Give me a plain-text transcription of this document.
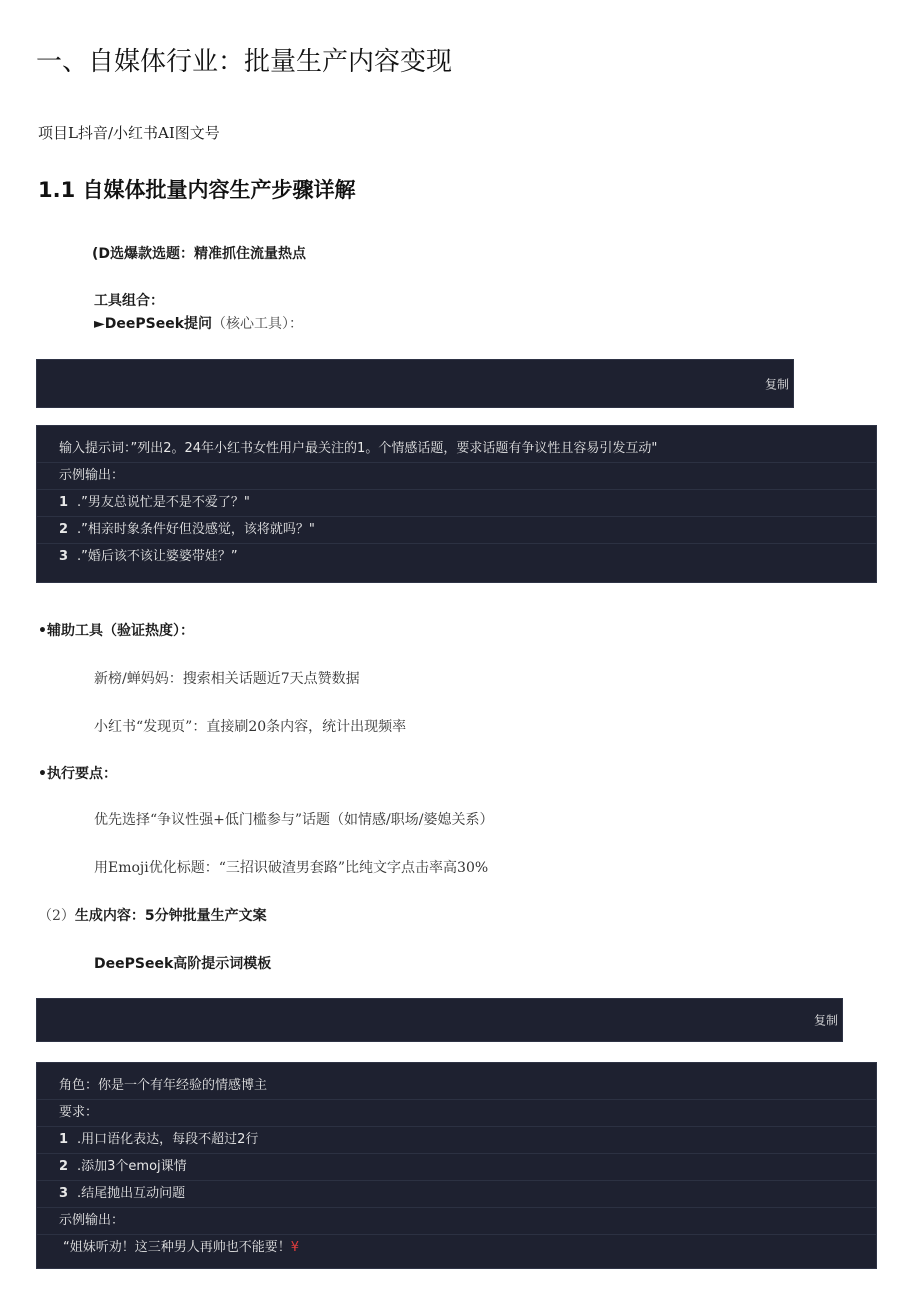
一、自媒体行业：批量生产内容变现
项目L抖音/小红书AI图文号
1.1 自媒体批量内容生产步骤详解
(D选爆款选题：精准抓住流量热点
工具组合：
►DeePSeek提问（核心工具）：
复制
输入提示词：”列出2。24年小红书女性用户最关注的1。个情感话题，要求话题有争议性且容易引发互动"
示例输出：
1 .”男友总说忙是不是不爱了？"
2 .”相亲时象条件好但没感觉，该将就吗？"
3 .”婚后该不该让婆婆带娃？”
•辅助工具（验证热度）：
新榜/蝉妈妈：搜索相关话题近7天点赞数据
小红书“发现页”：直接刷20条内容，统计出现频率
•执行要点：
优先选择“争议性强+低门槛参与”话题（如情感/职场/婆媳关系）
用Emoji优化标题：“三招识破渣男套路”比纯文字点击率高30%
（2）生成内容：5分钟批量生产文案
DeePSeek高阶提示词模板
复制
角色：你是一个有年经验的情感博主
要求：
1 .用口语化表达，每段不超过2行
2 .添加3个emoj课情
3 .结尾抛出互动问题
示例输出：
“姐妹听劝！这三种男人再帅也不能要！¥
